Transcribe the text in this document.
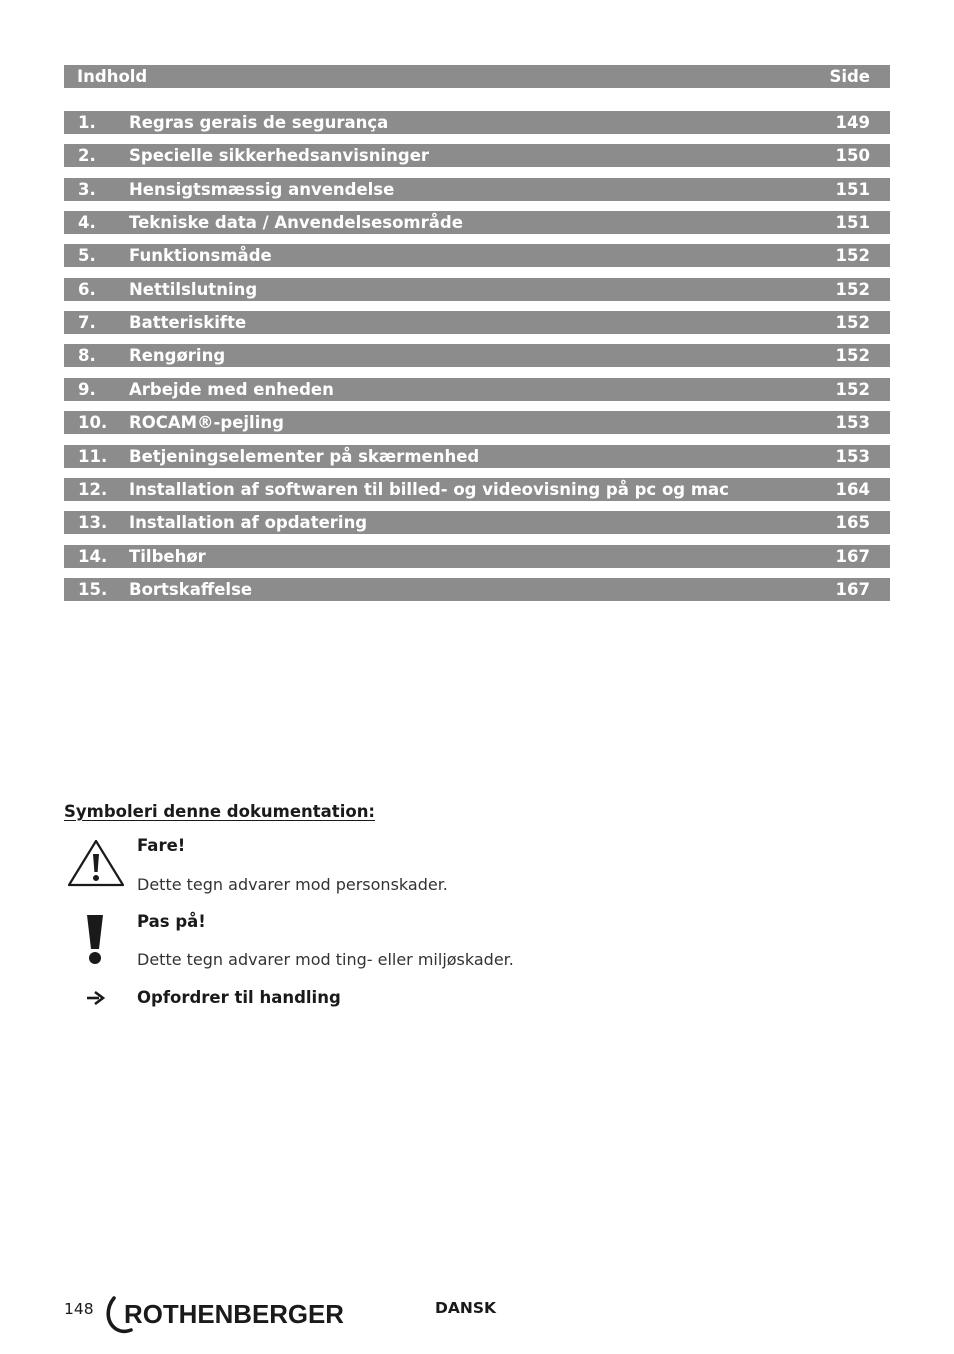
Indhold	Side
1. Regras gerais de segurança	149
2. Specielle sikkerhedsanvisninger	150
3. Hensigtsmæssig anvendelse	151
4. Tekniske data / Anvendelsesområde	151
5. Funktionsmåde	152
6. Nettilslutning	152
7. Batteriskifte	152
8. Rengøring	152
9. Arbejde med enheden	152
10. ROCAM®-pejling	153
11. Betjeningselementer på skærmenhed	153
12. Installation af softwaren til billed- og videovisning på pc og mac	164
13. Installation af opdatering	165
14. Tilbehør	167
15. Bortskaffelse	167
Symboleri denne dokumentation:
Fare!
Dette tegn advarer mod personskader.
Pas på!
Dette tegn advarer mod ting- eller miljøskader.
Opfordrer til handling
148 ROTHENBERGER	DANSK
